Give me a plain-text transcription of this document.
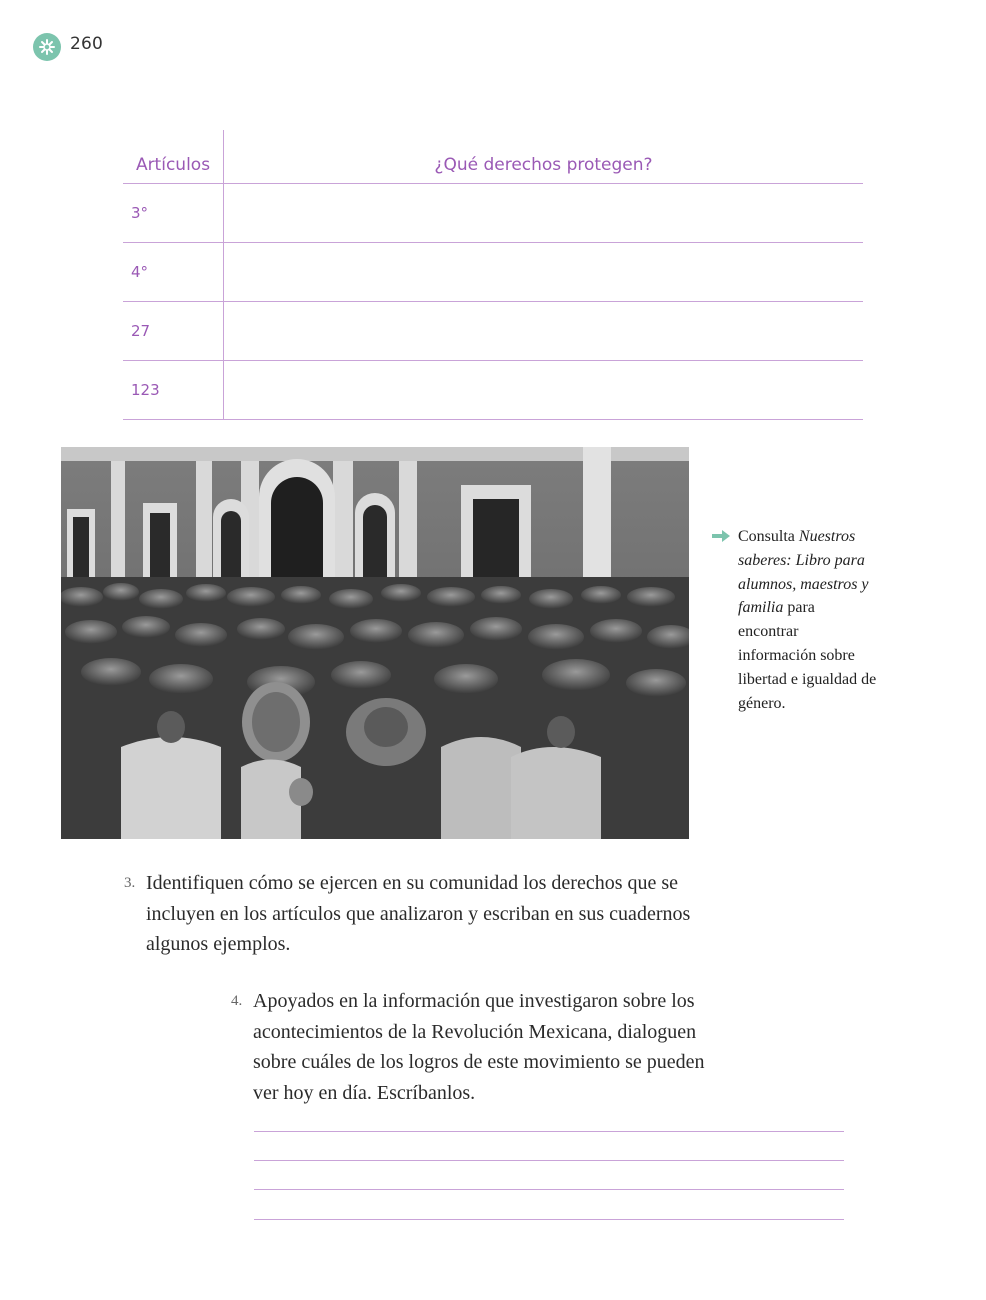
260
Artículos	¿Qué derechos protegen?
3°	
4°	
27	
123	
Consulta Nuestros saberes: Libro para alumnos, maestros y familia para encontrar información sobre libertad e igualdad de género.
3. Identifiquen cómo se ejercen en su comunidad los derechos que se incluyen en los artículos que analizaron y escriban en sus cuadernos algunos ejemplos.
4. Apoyados en la información que investigaron sobre los acontecimientos de la Revolución Mexicana, dialoguen sobre cuáles de los logros de este movimiento se pueden ver hoy en día. Escríbanlos.
